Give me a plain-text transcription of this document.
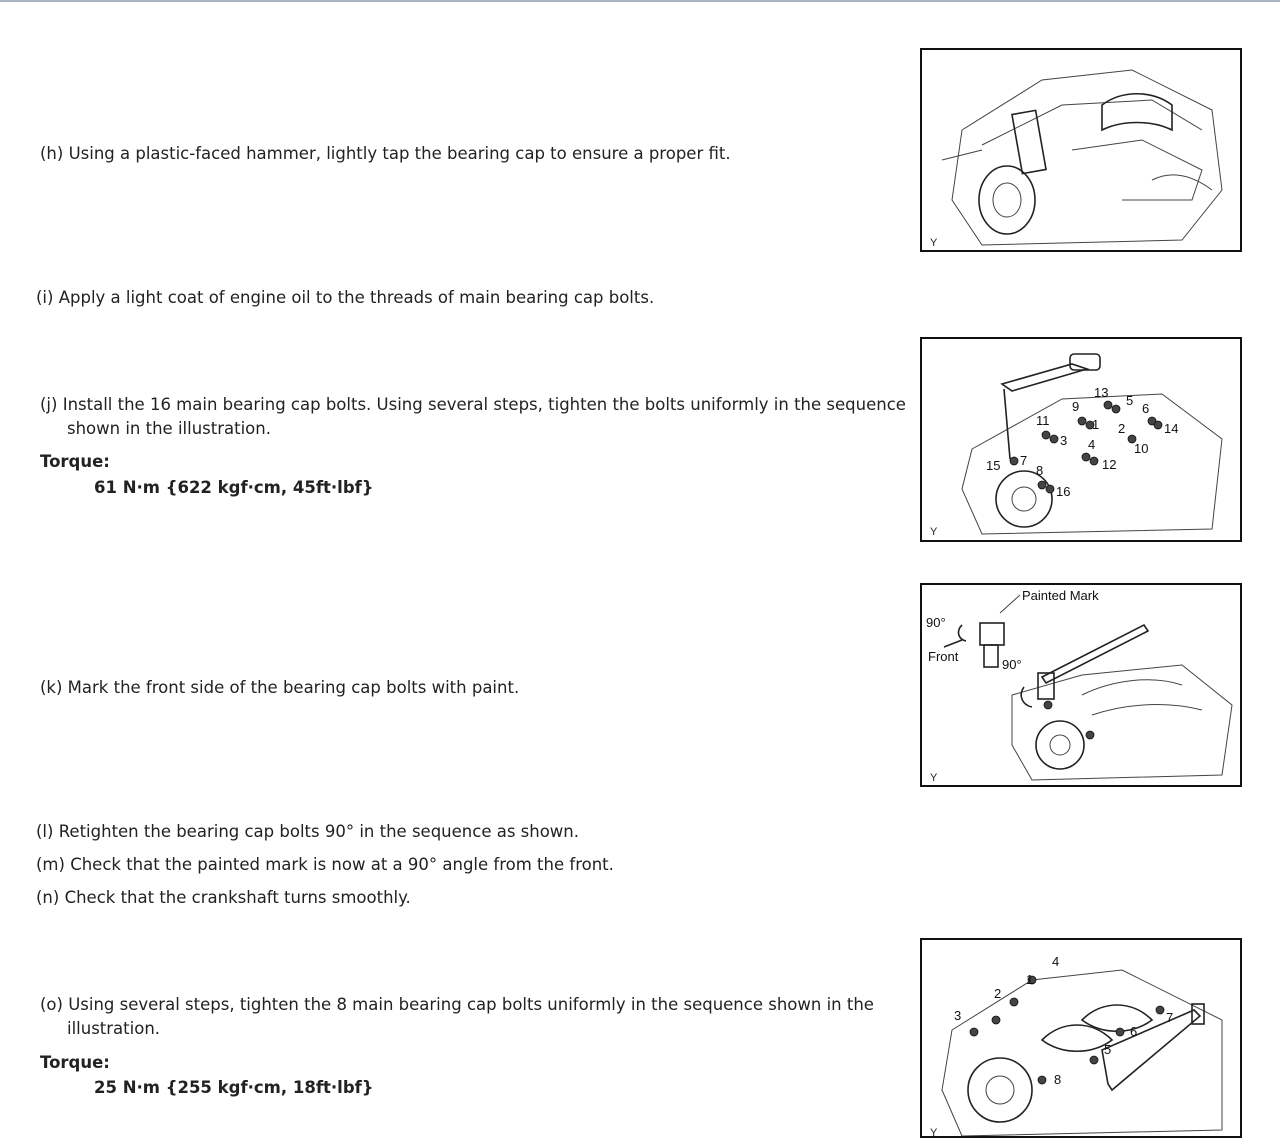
(h) Using a plastic-faced hammer, lightly tap the bearing cap to ensure a proper fit.

Y

(i) Apply a light coat of engine oil to the threads of main bearing cap bolts.

(j) Install the 16 main bearing cap bolts. Using several steps, tighten the bolts uniformly in the sequence shown in the illustration.

Torque:

61 N·m {622 kgf·cm, 45ft·lbf}

13
5
6
9
11	1 2	14
3 4	10
15 7
8	12
16
Y

(k) Mark the front side of the bearing cap bolts with paint.

Painted Mark
90°
Front
90°
Y

(l) Retighten the bearing cap bolts 90° in the sequence as shown.

(m) Check that the painted mark is now at a 90° angle from the front.

(n) Check that the crankshaft turns smoothly.

(o) Using several steps, tighten the 8 main bearing cap bolts uniformly in the sequence shown in the illustration.

Torque:

25 N·m {255 kgf·cm, 18ft·lbf}

4
1
2
3	7
6
5
8
Y
